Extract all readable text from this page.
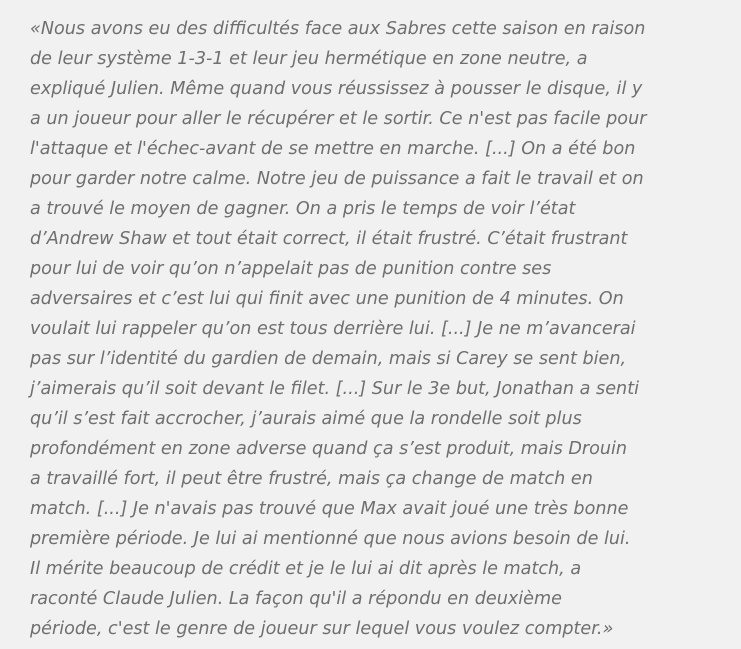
«Nous avons eu des difficultés face aux Sabres cette saison en raison
de leur système 1-3-1 et leur jeu hermétique en zone neutre, a
expliqué Julien. Même quand vous réussissez à pousser le disque, il y
a un joueur pour aller le récupérer et le sortir. Ce n'est pas facile pour
l'attaque et l'échec-avant de se mettre en marche. [...] On a été bon
pour garder notre calme. Notre jeu de puissance a fait le travail et on
a trouvé le moyen de gagner. On a pris le temps de voir l’état
d’Andrew Shaw et tout était correct, il était frustré. C’était frustrant
pour lui de voir qu’on n’appelait pas de punition contre ses
adversaires et c’est lui qui finit avec une punition de 4 minutes. On
voulait lui rappeler qu’on est tous derrière lui. [...] Je ne m’avancerai
pas sur l’identité du gardien de demain, mais si Carey se sent bien,
j’aimerais qu’il soit devant le filet. [...] Sur le 3e but, Jonathan a senti
qu’il s’est fait accrocher, j’aurais aimé que la rondelle soit plus
profondément en zone adverse quand ça s’est produit, mais Drouin
a travaillé fort, il peut être frustré, mais ça change de match en
match. [...] Je n'avais pas trouvé que Max avait joué une très bonne
première période. Je lui ai mentionné que nous avions besoin de lui.
Il mérite beaucoup de crédit et je le lui ai dit après le match, a
raconté Claude Julien. La façon qu'il a répondu en deuxième
période, c'est le genre de joueur sur lequel vous voulez compter.»
